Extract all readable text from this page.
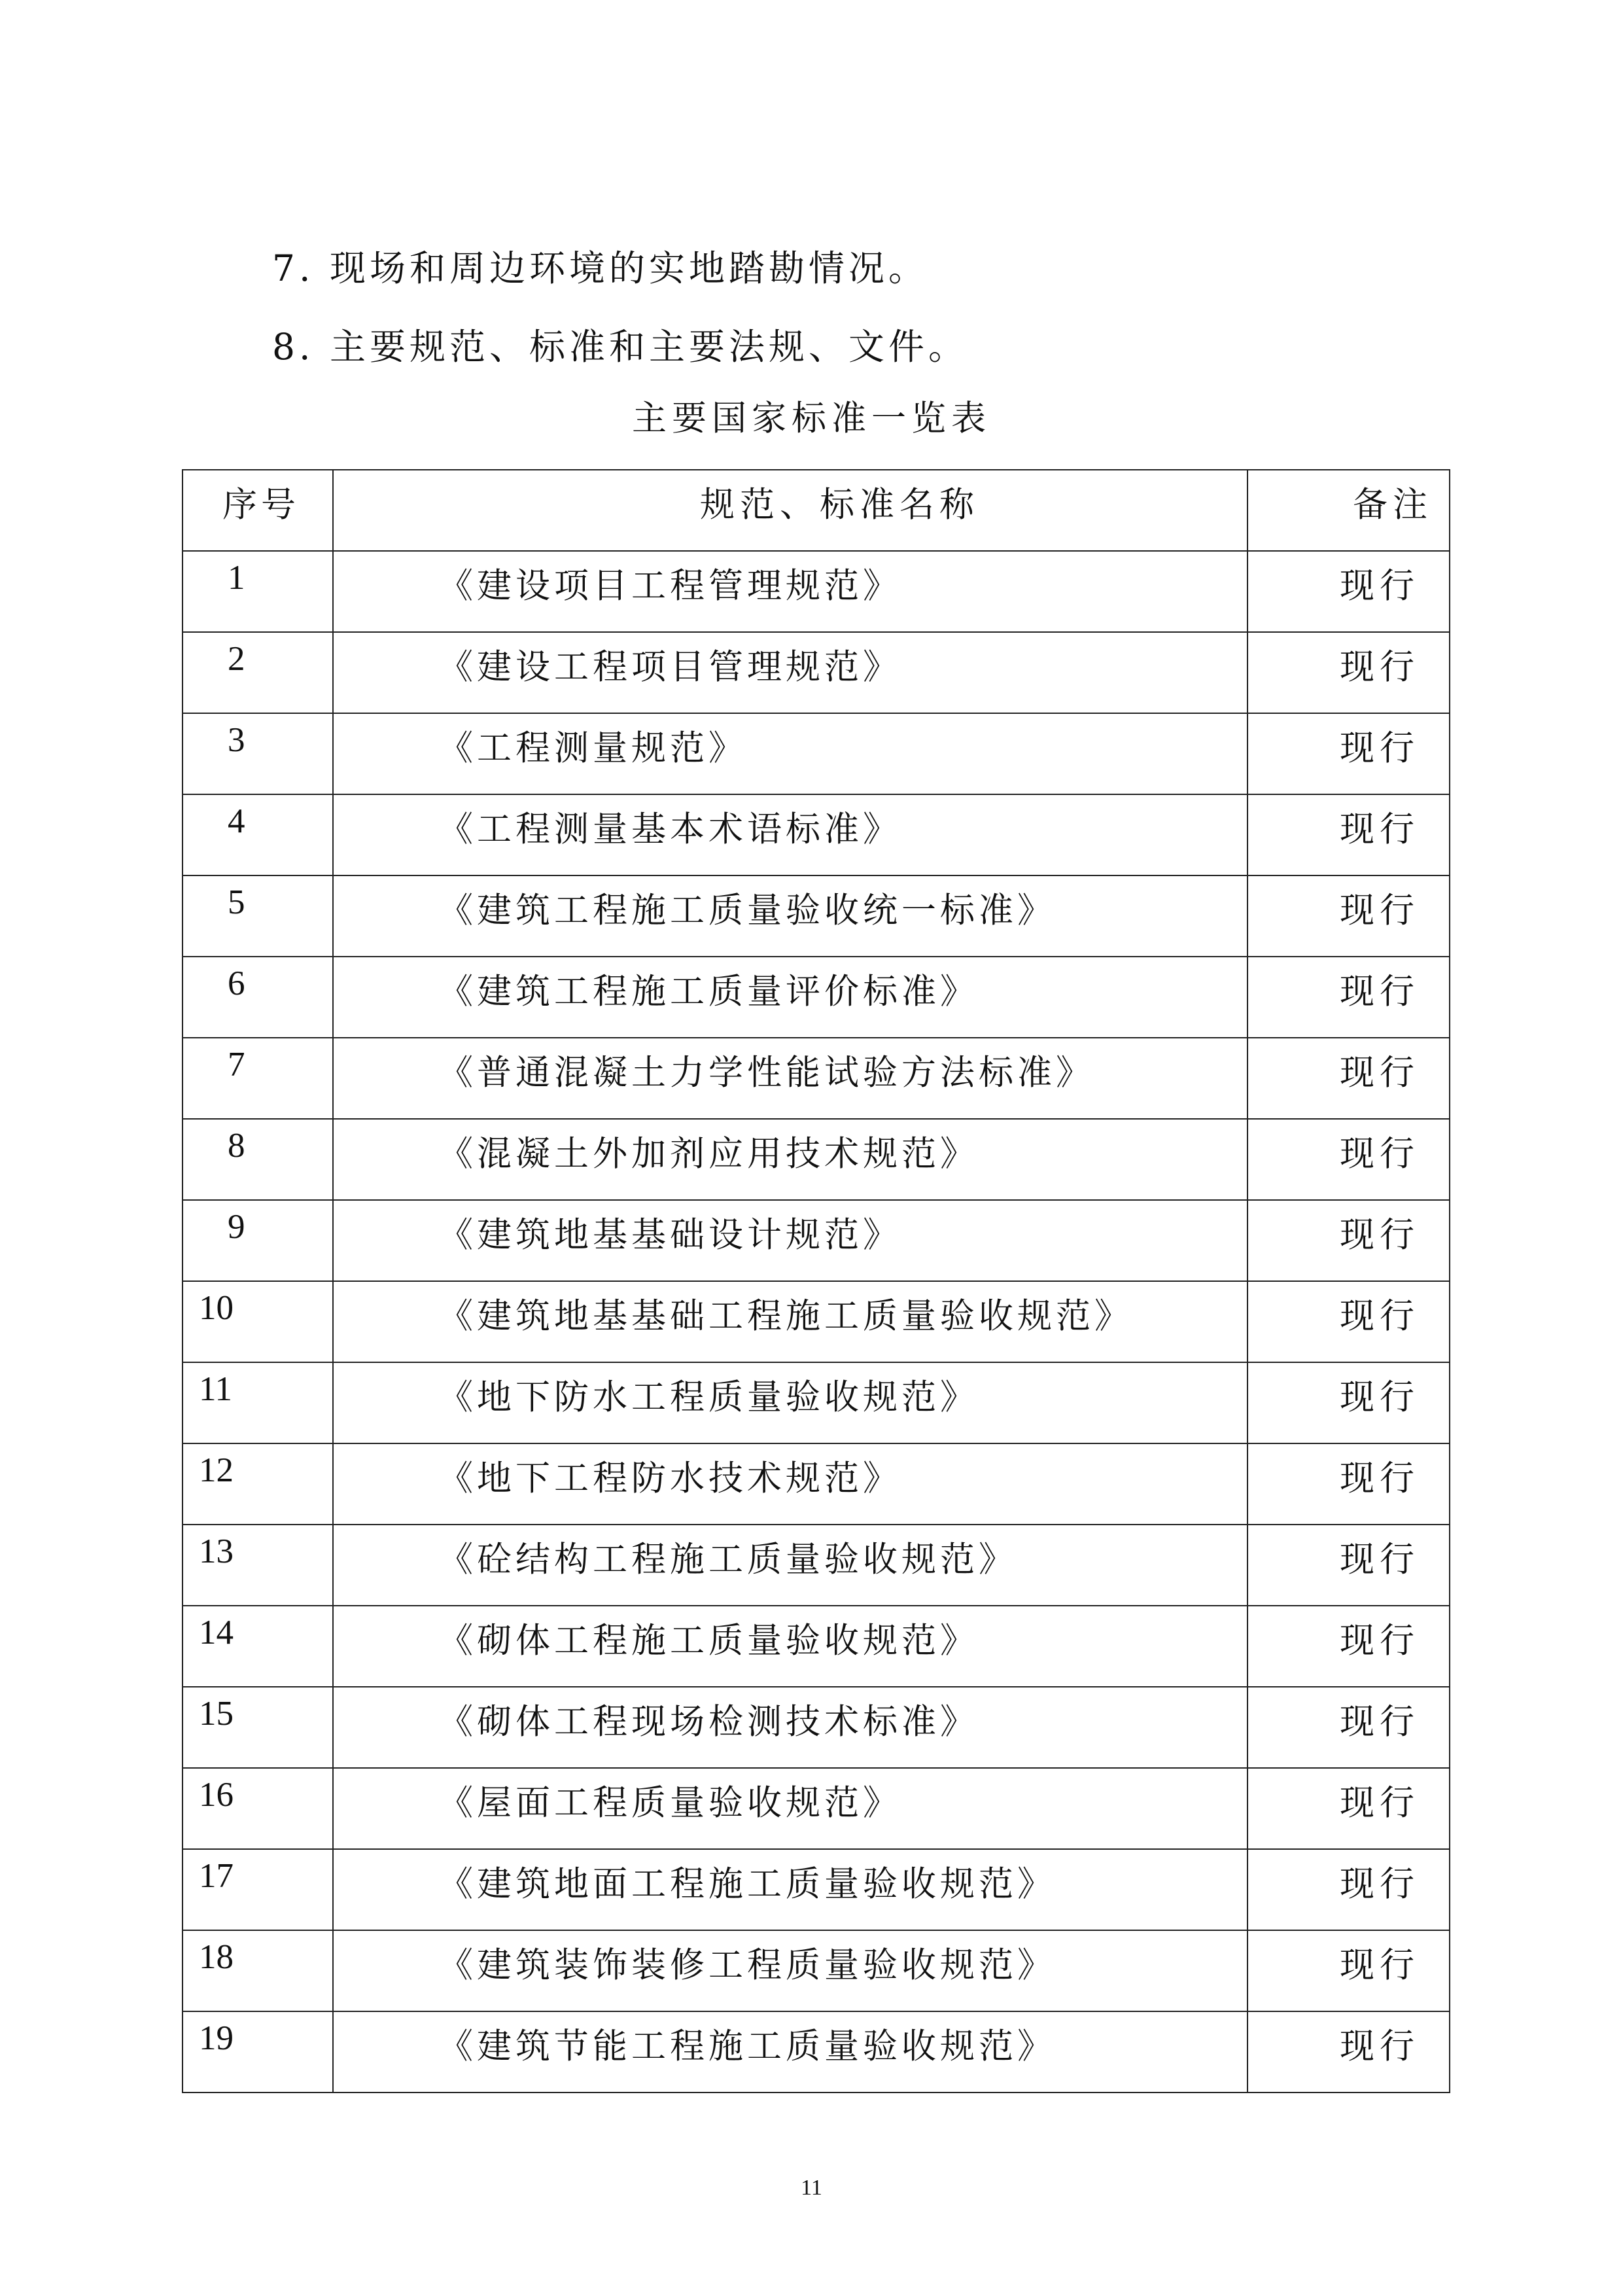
7. 现场和周边环境的实地踏勘情况。
8. 主要规范、标准和主要法规、文件。
主要国家标准一览表
序号	规范、标准名称	备注
1	《建设项目工程管理规范》	现行
2	《建设工程项目管理规范》	现行
3	《工程测量规范》	现行
4	《工程测量基本术语标准》	现行
5	《建筑工程施工质量验收统一标准》	现行
6	《建筑工程施工质量评价标准》	现行
7	《普通混凝土力学性能试验方法标准》	现行
8	《混凝土外加剂应用技术规范》	现行
9	《建筑地基基础设计规范》	现行
10	《建筑地基基础工程施工质量验收规范》	现行
11	《地下防水工程质量验收规范》	现行
12	《地下工程防水技术规范》	现行
13	《砼结构工程施工质量验收规范》	现行
14	《砌体工程施工质量验收规范》	现行
15	《砌体工程现场检测技术标准》	现行
16	《屋面工程质量验收规范》	现行
17	《建筑地面工程施工质量验收规范》	现行
18	《建筑装饰装修工程质量验收规范》	现行
19	《建筑节能工程施工质量验收规范》	现行
11
